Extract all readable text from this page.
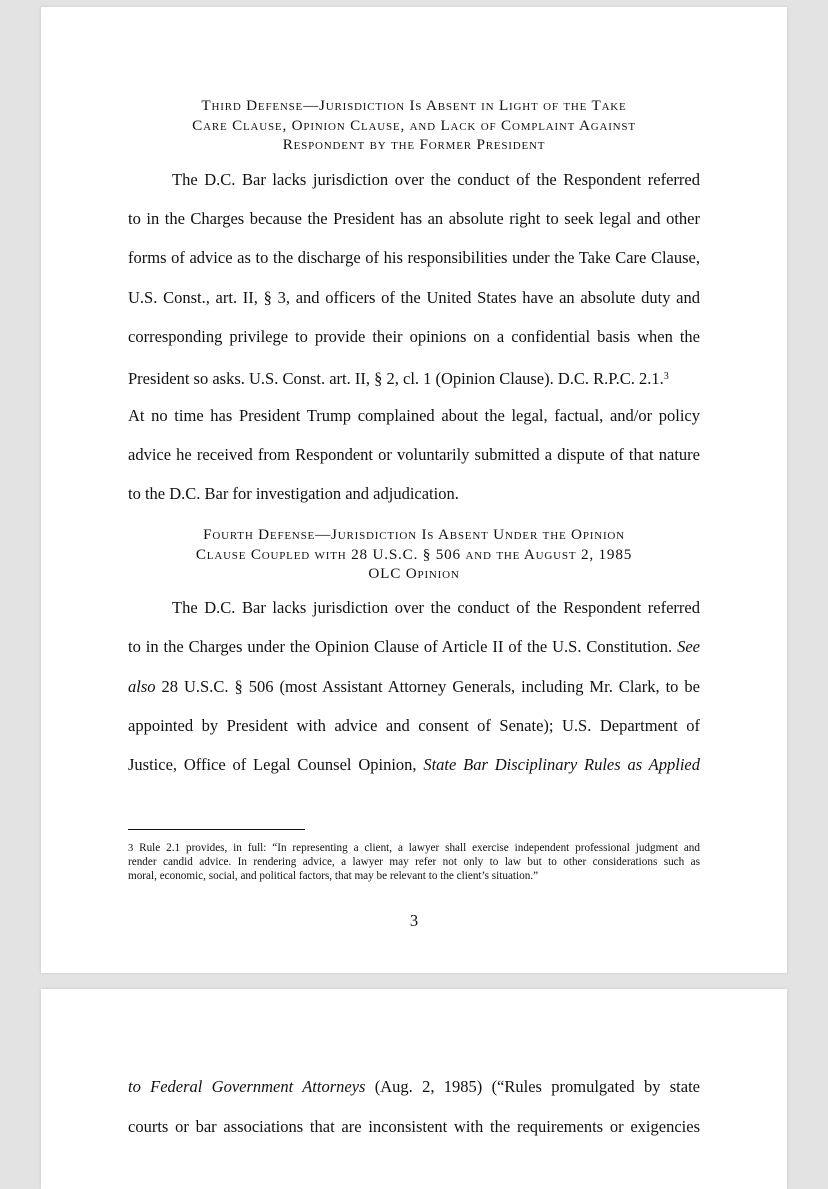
Third Defense—Jurisdiction Is Absent in Light of the Take
Care Clause, Opinion Clause, and Lack of Complaint Against
Respondent by the Former President
The D.C. Bar lacks jurisdiction over the conduct of the Respondent referred
to in the Charges because the President has an absolute right to seek legal and other
forms of advice as to the discharge of his responsibilities under the Take Care Clause,
U.S. Const., art. II, § 3, and officers of the United States have an absolute duty and
corresponding privilege to provide their opinions on a confidential basis when the
President so asks. U.S. Const. art. II, § 2, cl. 1 (Opinion Clause). D.C. R.P.C. 2.1.$^3$
At no time has President Trump complained about the legal, factual, and/or policy
advice he received from Respondent or voluntarily submitted a dispute of that nature
to the D.C. Bar for investigation and adjudication.
Fourth Defense—Jurisdiction Is Absent Under the Opinion
Clause Coupled with 28 U.S.C. § 506 and the August 2, 1985
OLC Opinion
The D.C. Bar lacks jurisdiction over the conduct of the Respondent referred
to in the Charges under the Opinion Clause of Article II of the U.S. Constitution. See
also 28 U.S.C. § 506 (most Assistant Attorney Generals, including Mr. Clark, to be
appointed by President with advice and consent of Senate); U.S. Department of
Justice, Office of Legal Counsel Opinion, State Bar Disciplinary Rules as Applied
3 Rule 2.1 provides, in full: “In representing a client, a lawyer shall exercise independent professional judgment and
render candid advice. In rendering advice, a lawyer may refer not only to law but to other considerations such as
moral, economic, social, and political factors, that may be relevant to the client’s situation.”
3
to Federal Government Attorneys (Aug. 2, 1985) (“Rules promulgated by state
courts or bar associations that are inconsistent with the requirements or exigencies
